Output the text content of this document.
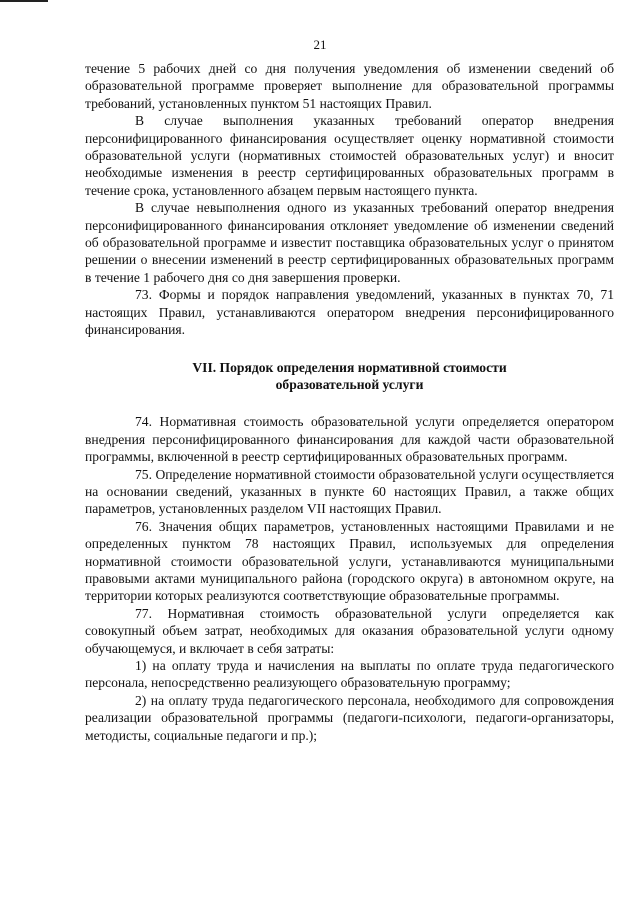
21

течение 5 рабочих дней со дня получения уведомления об изменении сведений об образовательной программе проверяет выполнение для образовательной программы требований, установленных пунктом 51 настоящих Правил.

В случае выполнения указанных требований оператор внедрения персонифицированного финансирования осуществляет оценку нормативной стоимости образовательной услуги (нормативных стоимостей образовательных услуг) и вносит необходимые изменения в реестр сертифицированных образовательных программ в течение срока, установленного абзацем первым настоящего пункта.

В случае невыполнения одного из указанных требований оператор внедрения персонифицированного финансирования отклоняет уведомление об изменении сведений об образовательной программе и известит поставщика образовательных услуг о принятом решении о внесении изменений в реестр сертифицированных образовательных программ в течение 1 рабочего дня со дня завершения проверки.

73. Формы и порядок направления уведомлений, указанных в пунктах 70, 71 настоящих Правил, устанавливаются оператором внедрения персонифицированного финансирования.

VII. Порядок определения нормативной стоимости
образовательной услуги

74. Нормативная стоимость образовательной услуги определяется оператором внедрения персонифицированного финансирования для каждой части образовательной программы, включенной в реестр сертифицированных образовательных программ.

75. Определение нормативной стоимости образовательной услуги осуществляется на основании сведений, указанных в пункте 60 настоящих Правил, а также общих параметров, установленных разделом VII настоящих Правил.

76. Значения общих параметров, установленных настоящими Правилами и не определенных пунктом 78 настоящих Правил, используемых для определения нормативной стоимости образовательной услуги, устанавливаются муниципальными правовыми актами муниципального района (городского округа) в автономном округе, на территории которых реализуются соответствующие образовательные программы.

77. Нормативная стоимость образовательной услуги определяется как совокупный объем затрат, необходимых для оказания образовательной услуги одному обучающемуся, и включает в себя затраты:

1) на оплату труда и начисления на выплаты по оплате труда педагогического персонала, непосредственно реализующего образовательную программу;

2) на оплату труда педагогического персонала, необходимого для сопровождения реализации образовательной программы (педагоги-психологи, педагоги-организаторы, методисты, социальные педагоги и пр.);
